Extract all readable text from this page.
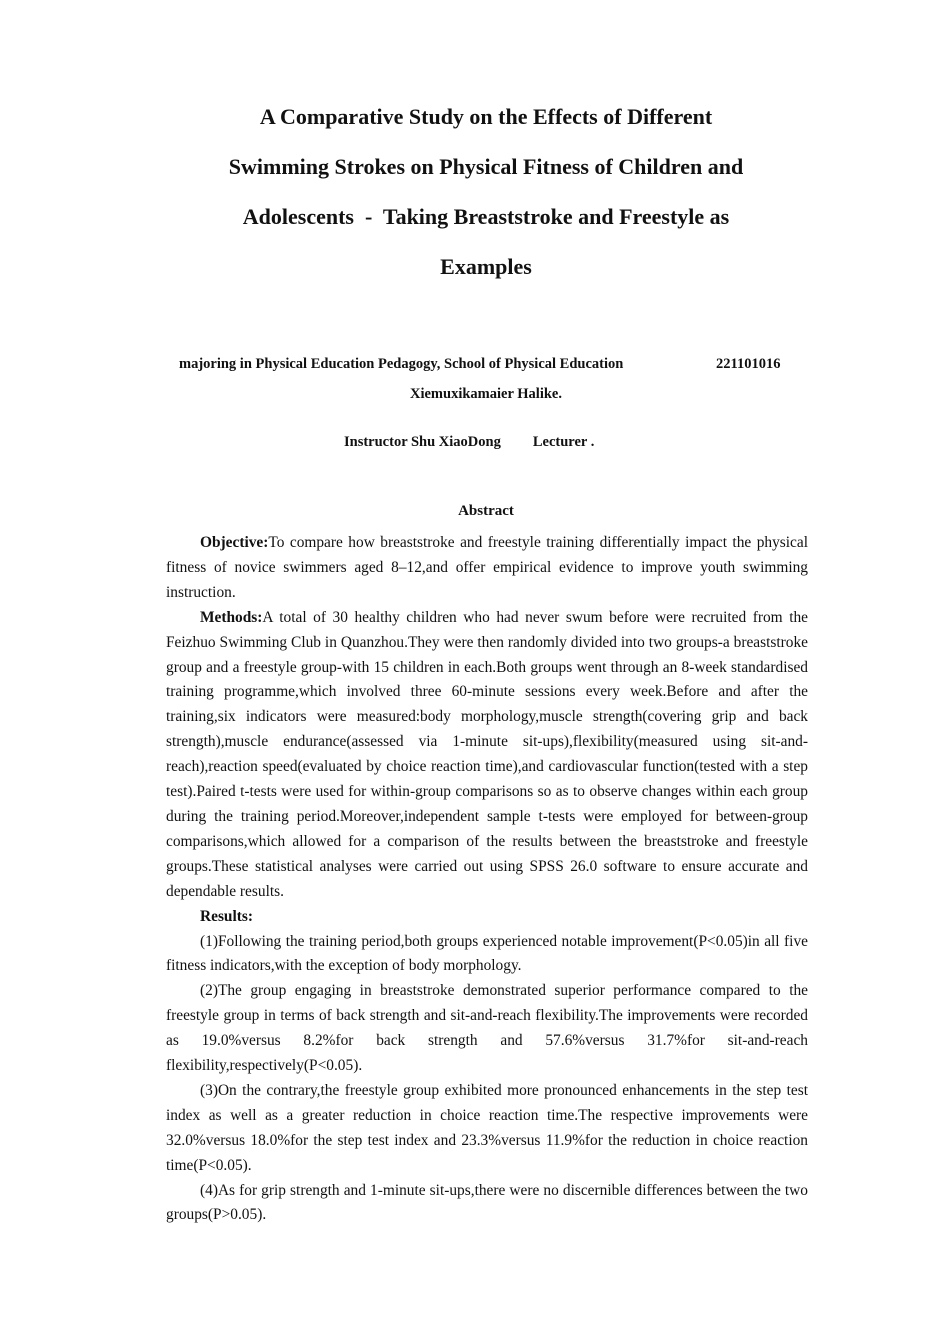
A Comparative Study on the Effects of Different
Swimming Strokes on Physical Fitness of Children and
Adolescents  -  Taking Breaststroke and Freestyle as
Examples
majoring in Physical Education Pedagogy, School of Physical Education	221101016
Xiemuxikamaier Halike.
Instructor Shu XiaoDong Lecturer .
Abstract

Objective:To compare how breaststroke and freestyle training differentially impact the physical fitness of novice swimmers aged 8–12,and offer empirical evidence to improve youth swimming instruction.

Methods:A total of 30 healthy children who had never swum before were recruited from the Feizhuo Swimming Club in Quanzhou.They were then randomly divided into two groups-a breaststroke group and a freestyle group-with 15 children in each.Both groups went through an 8-week standardised training programme,which involved three 60-minute sessions every week.Before and after the training,six indicators were measured:body morphology,muscle strength(covering grip and back strength),muscle endurance(assessed via 1-minute sit-ups),flexibility(measured using sit-and-reach),reaction speed(evaluated by choice reaction time),and cardiovascular function(tested with a step test).Paired t-tests were used for within-group comparisons so as to observe changes within each group during the training period.Moreover,independent sample t-tests were employed for between-group comparisons,which allowed for a comparison of the results between the breaststroke and freestyle groups.These statistical analyses were carried out using SPSS 26.0 software to ensure accurate and dependable results.

Results:

(1)Following the training period,both groups experienced notable improvement(P<0.05)in all five fitness indicators,with the exception of body morphology.

(2)The group engaging in breaststroke demonstrated superior performance compared to the freestyle group in terms of back strength and sit-and-reach flexibility.The improvements were recorded as 19.0%versus 8.2%for back strength and 57.6%versus 31.7%for sit-and-reach flexibility,respectively(P<0.05).

(3)On the contrary,the freestyle group exhibited more pronounced enhancements in the step test index as well as a greater reduction in choice reaction time.The respective improvements were 32.0%versus 18.0%for the step test index and 23.3%versus 11.9%for the reduction in choice reaction time(P<0.05).

(4)As for grip strength and 1-minute sit-ups,there were no discernible differences between the two groups(P>0.05).
